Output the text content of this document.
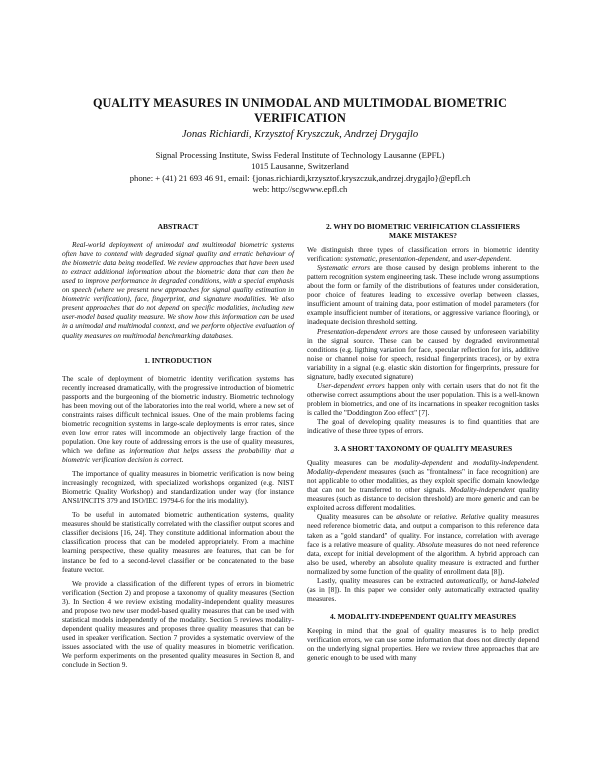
QUALITY MEASURES IN UNIMODAL AND MULTIMODAL BIOMETRIC VERIFICATION
Jonas Richiardi, Krzysztof Kryszczuk, Andrzej Drygajlo
Signal Processing Institute, Swiss Federal Institute of Technology Lausanne (EPFL)
1015 Lausanne, Switzerland
phone: + (41) 21 693 46 91, email: {jonas.richiardi,krzysztof.kryszczuk,andrzej.drygajlo}@epfl.ch
web: http://scgwww.epfl.ch
ABSTRACT

Real-world deployment of unimodal and multimodal biometric systems often have to contend with degraded signal quality and erratic behaviour of the biometric data being modelled. We review approaches that have been used to extract additional information about the biometric data that can then be used to improve performance in degraded conditions, with a special emphasis on speech (where we present new approaches for signal quality estimation in biometric verification), face, fingerprint, and signature modalities. We also present approaches that do not depend on specific modalities, including new user-model based quality measure. We show how this information can be used in a unimodal and multimodal context, and we perform objective evaluation of quality measures on multimodal benchmarking databases.

1. INTRODUCTION

The scale of deployment of biometric identity verification systems has recently increased dramatically, with the progressive introduction of biometric passports and the burgeoning of the biometric industry. Biometric technology has been moving out of the laboratories into the real world, where a new set of constraints raises difficult technical issues. One of the main problems facing biometric recognition systems in large-scale deployments is error rates, since even low error rates will incommode an objectively large fraction of the population. One key route of addressing errors is the use of quality measures, which we define as information that helps assess the probability that a biometric verification decision is correct.

The importance of quality measures in biometric verification is now being increasingly recognized, with specialized workshops organized (e.g. NIST Biometric Quality Workshop) and standardization under way (for instance ANSI/INCITS 379 and ISO/IEC 19794-6 for the iris modality).

To be useful in automated biometric authentication systems, quality measures should be statistically correlated with the classifier output scores and classifier decisions [16, 24]. They constitute additional information about the classification process that can be modeled appropriately. From a machine learning perspective, these quality measures are features, that can be for instance be fed to a second-level classifier or be concatenated to the base feature vector.

We provide a classification of the different types of errors in biometric verification (Section 2) and propose a taxonomy of quality measures (Section 3). In Section 4 we review existing modality-independent quality measures and propose two new user model-based quality measures that can be used with statistical models independently of the modality. Section 5 reviews modality-dependent quality measures and proposes three quality measures that can be used in speaker verification. Section 7 provides a systematic overview of the issues associated with the use of quality measures in biometric verification. We perform experiments on the presented quality measures in Section 8, and conclude in Section 9.

2. WHY DO BIOMETRIC VERIFICATION CLASSIFIERS
MAKE MISTAKES?

We distinguish three types of classification errors in biometric identity verification: systematic, presentation-dependent, and user-dependent.

Systematic errors are those caused by design problems inherent to the pattern recognition system engineering task. These include wrong assumptions about the form or family of the distributions of features under consideration, poor choice of features leading to excessive overlap between classes, insufficient amount of training data, poor estimation of model parameters (for example insufficient number of iterations, or aggressive variance flooring), or inadequate decision threshold setting.

Presentation-dependent errors are those caused by unforeseen variability in the signal source. These can be caused by degraded environmental conditions (e.g. ligthing variation for face, specular reflection for iris, additive noise or channel noise for speech, residual fingerprints traces), or by extra variability in a signal (e.g. elastic skin distortion for fingerprints, pressure for signature, badly executed signature)

User-dependent errors happen only with certain users that do not fit the otherwise correct assumptions about the user population. This is a well-known problem in biometrics, and one of its incarnations in speaker recognition tasks is called the "Doddington Zoo effect" [7].

The goal of developing quality measures is to find quantities that are indicative of these three types of errors.

3. A SHORT TAXONOMY OF QUALITY MEASURES

Quality measures can be modality-dependent and modality-independent. Modality-dependent measures (such as "frontalness" in face recognition) are not applicable to other modalities, as they exploit specific domain knowledge that can not be transferred to other signals. Modality-independent quality measures (such as distance to decision threshold) are more generic and can be exploited across different modalities.

Quality measures can be absolute or relative. Relative quality measures need reference biometric data, and output a comparison to this reference data taken as a "gold standard" of quality. For instance, correlation with average face is a relative measure of quality. Absolute measures do not need reference data, except for initial development of the algorithm. A hybrid approach can also be used, whereby an absolute quality measure is extracted and further normalized by some function of the quality of enrollment data [8]).

Lastly, quality measures can be extracted automatically, or hand-labeled (as in [8]). In this paper we consider only automatically extracted quality measures.

4. MODALITY-INDEPENDENT QUALITY MEASURES

Keeping in mind that the goal of quality measures is to help predict verification errors, we can use some information that does not directly depend on the underlying signal properties. Here we review three approaches that are generic enough to be used with many
